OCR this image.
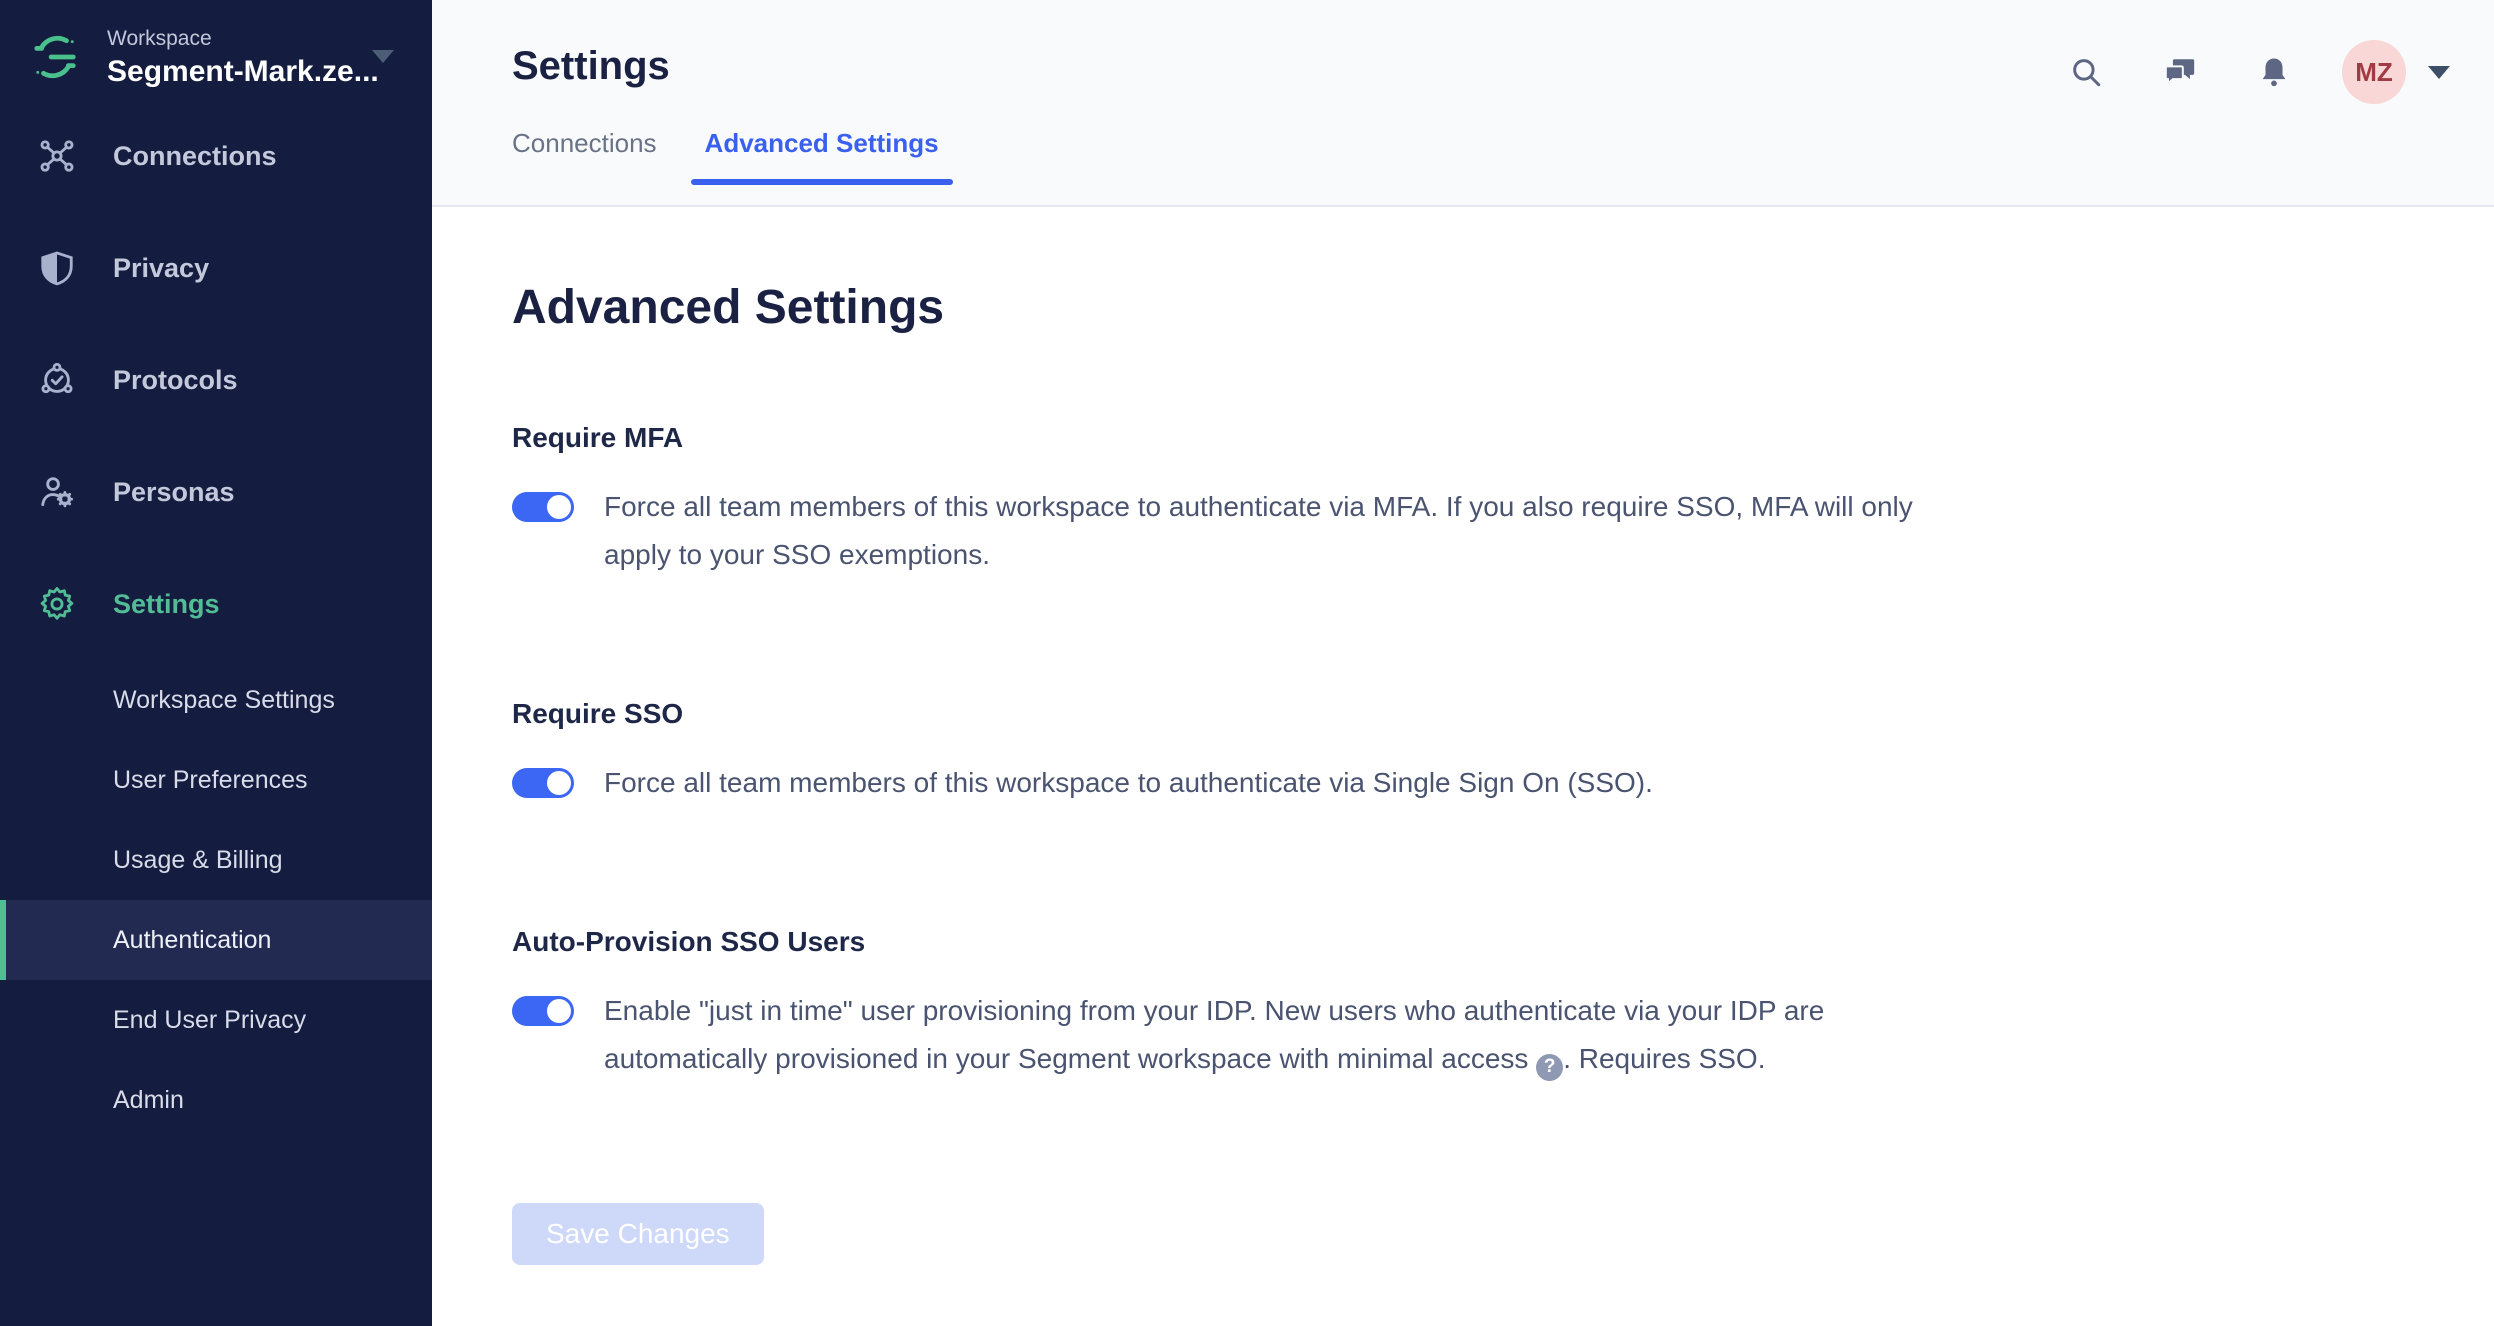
Workspace
Segment-Mark.ze...
Connections
Privacy
Protocols
Personas
Settings
Workspace Settings
User Preferences
Usage & Billing
Authentication
End User Privacy
Admin
Settings
Connections	Advanced Settings
MZ
Advanced Settings
Require MFA

Force all team members of this workspace to authenticate via MFA. If you also require SSO, MFA will only apply to your SSO exemptions.

Require SSO

Force all team members of this workspace to authenticate via Single Sign On (SSO).

Auto-Provision SSO Users

Enable "just in time" user provisioning from your IDP. New users who authenticate via your IDP are automatically provisioned in your Segment workspace with minimal access ? . Requires SSO.

Save Changes
